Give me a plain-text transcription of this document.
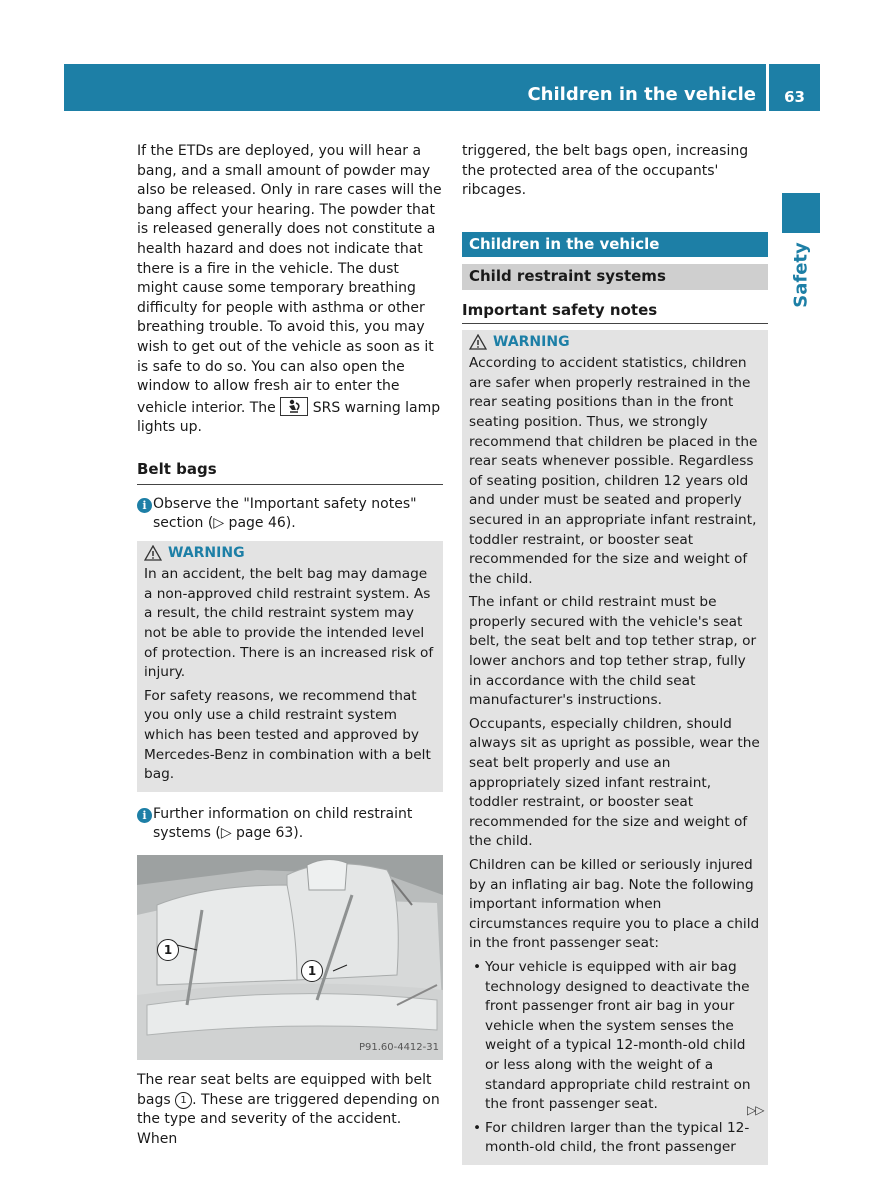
Children in the vehicle	63
Safety

If the ETDs are deployed, you will hear a bang, and a small amount of powder may also be released. Only in rare cases will the bang affect your hearing. The powder that is released generally does not constitute a health hazard and does not indicate that there is a fire in the vehicle. The dust might cause some temporary breathing difficulty for people with asthma or other breathing trouble. To avoid this, you may wish to get out of the vehicle as soon as it is safe to do so. You can also open the window to allow fresh air to enter the vehicle interior. The	SRS warning lamp lights up.

Belt bags
i Observe the "Important safety notes" section (▷ page 46).
WARNING

In an accident, the belt bag may damage a non-approved child restraint system. As a result, the child restraint system may not be able to provide the intended level of protection. There is an increased risk of injury.

For safety reasons, we recommend that you only use a child restraint system which has been tested and approved by Mercedes-Benz in combination with a belt bag.

i Further information on child restraint systems (▷ page 63).
1
1
P91.60-4412-31

The rear seat belts are equipped with belt bags 1 . These are triggered depending on the type and severity of the accident. When

triggered, the belt bags open, increasing the protected area of the occupants' ribcages.

Children in the vehicle
Child restraint systems
Important safety notes
WARNING

According to accident statistics, children are safer when properly restrained in the rear seating positions than in the front seating position. Thus, we strongly recommend that children be placed in the rear seats whenever possible. Regardless of seating position, children 12 years old and under must be seated and properly secured in an appropriate infant restraint, toddler restraint, or booster seat recommended for the size and weight of the child.

The infant or child restraint must be properly secured with the vehicle's seat belt, the seat belt and top tether strap, or lower anchors and top tether strap, fully in accordance with the child seat manufacturer's instructions.

Occupants, especially children, should always sit as upright as possible, wear the seat belt properly and use an appropriately sized infant restraint, toddler restraint, or booster seat recommended for the size and weight of the child.

Children can be killed or seriously injured by an inflating air bag. Note the following important information when circumstances require you to place a child in the front passenger seat:

• Your vehicle is equipped with air bag technology designed to deactivate the front passenger front air bag in your vehicle when the system senses the weight of a typical 12-month-old child or less along with the weight of a standard appropriate child restraint on the front passenger seat.
• For children larger than the typical 12-month-old child, the front passenger
▷▷
